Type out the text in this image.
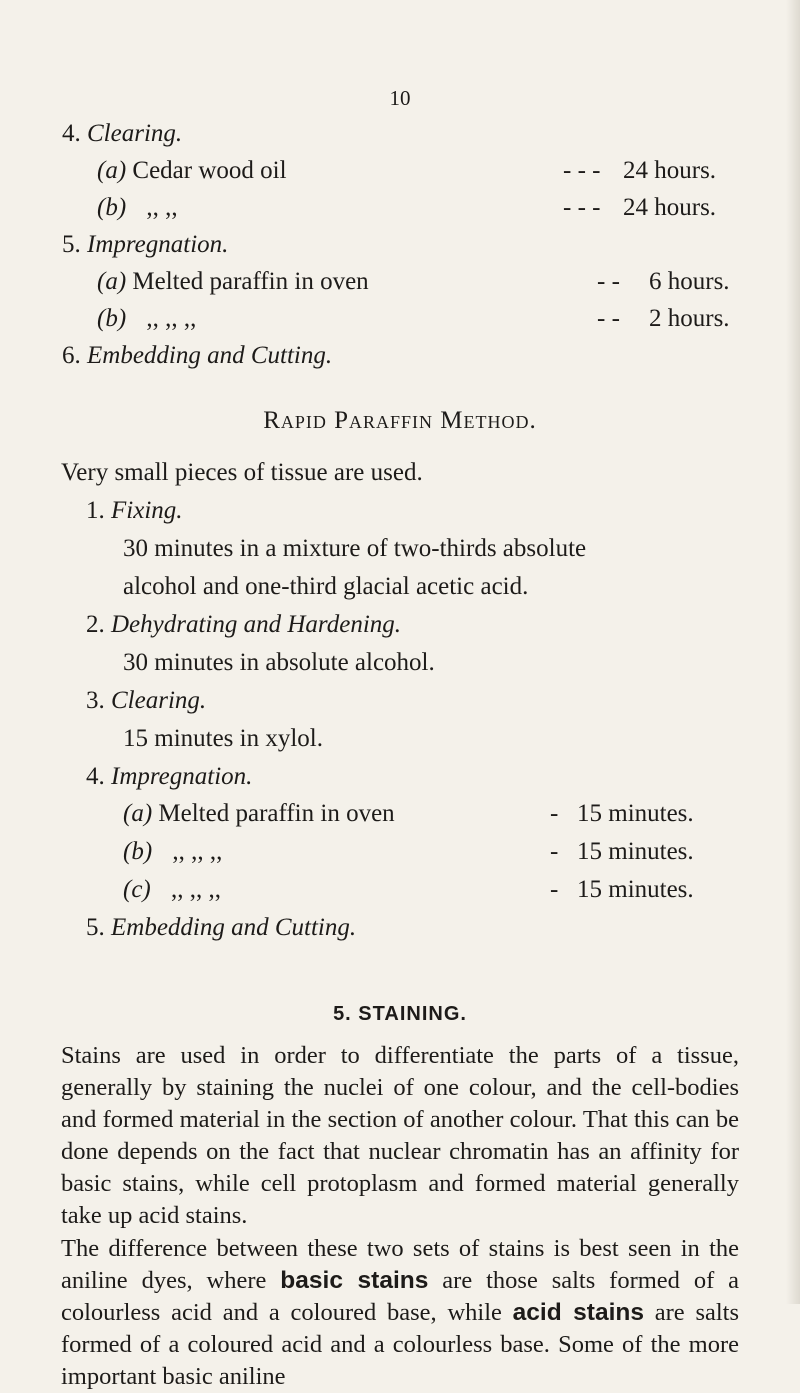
10
4. Clearing.
(a) Cedar wood oil	- - - 24 hours.
(b) ,, ,,	- - - 24 hours.
5. Impregnation.
(a) Melted paraffin in oven	- - 6 hours.
(b) ,, ,, ,,	- - 2 hours.
6. Embedding and Cutting.
Rapid Paraffin Method.
Very small pieces of tissue are used.
1. Fixing.
30 minutes in a mixture of two-thirds absolute
alcohol and one-third glacial acetic acid.
2. Dehydrating and Hardening.
30 minutes in absolute alcohol.
3. Clearing.
15 minutes in xylol.
4. Impregnation.
(a) Melted paraffin in oven	- 15 minutes.
(b) ,, ,, ,,	- 15 minutes.
(c) ,, ,, ,,	- 15 minutes.
5. Embedding and Cutting.
5. STAINING.

Stains are used in order to differentiate the parts of a tissue, generally by staining the nuclei of one colour, and the cell-bodies and formed material in the section of another colour. That this can be done depends on the fact that nuclear chromatin has an affinity for basic stains, while cell protoplasm and formed material generally take up acid stains.

The difference between these two sets of stains is best seen in the aniline dyes, where basic stains are those salts formed of a colourless acid and a coloured base, while acid stains are salts formed of a coloured acid and a colourless base. Some of the more important basic aniline
